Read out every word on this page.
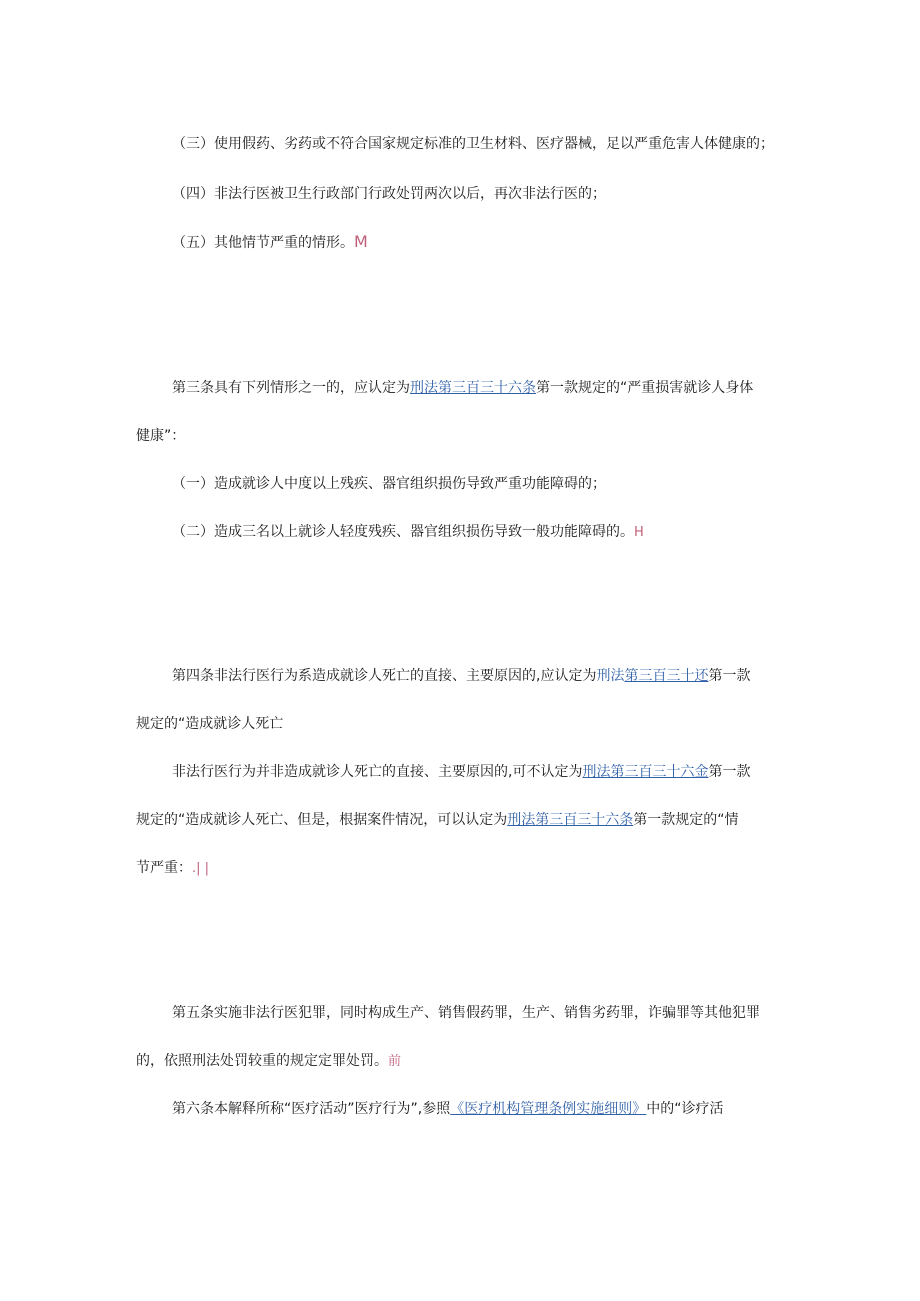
（三）使用假药、劣药或不符合国家规定标准的卫生材料、医疗器械，足以严重危害人体健康的；
（四）非法行医被卫生行政部门行政处罚两次以后，再次非法行医的；
（五）其他情节严重的情形。M
第三条具有下列情形之一的，应认定为刑法第三百三十六条第一款规定的“严重损害就诊人身体
健康”：
（一）造成就诊人中度以上残疾、器官组织损伤导致严重功能障碍的；
（二）造成三名以上就诊人轻度残疾、器官组织损伤导致一般功能障碍的。H
第四条非法行医行为系造成就诊人死亡的直接、主要原因的,应认定为刑法第三百三十还第一款
规定的“造成就诊人死亡
非法行医行为并非造成就诊人死亡的直接、主要原因的,可不认定为刑法第三百三十六金第一款
规定的“造成就诊人死亡、但是，根据案件情况，可以认定为刑法第三百三十六条第一款规定的“情
节严重：.| |
第五条实施非法行医犯罪，同时构成生产、销售假药罪，生产、销售劣药罪，诈骗罪等其他犯罪
的，依照刑法处罚较重的规定定罪处罚。前
第六条本解释所称“医疗活动”医疗行为”,参照《医疗机构管理条例实施细则》中的“诊疗活
